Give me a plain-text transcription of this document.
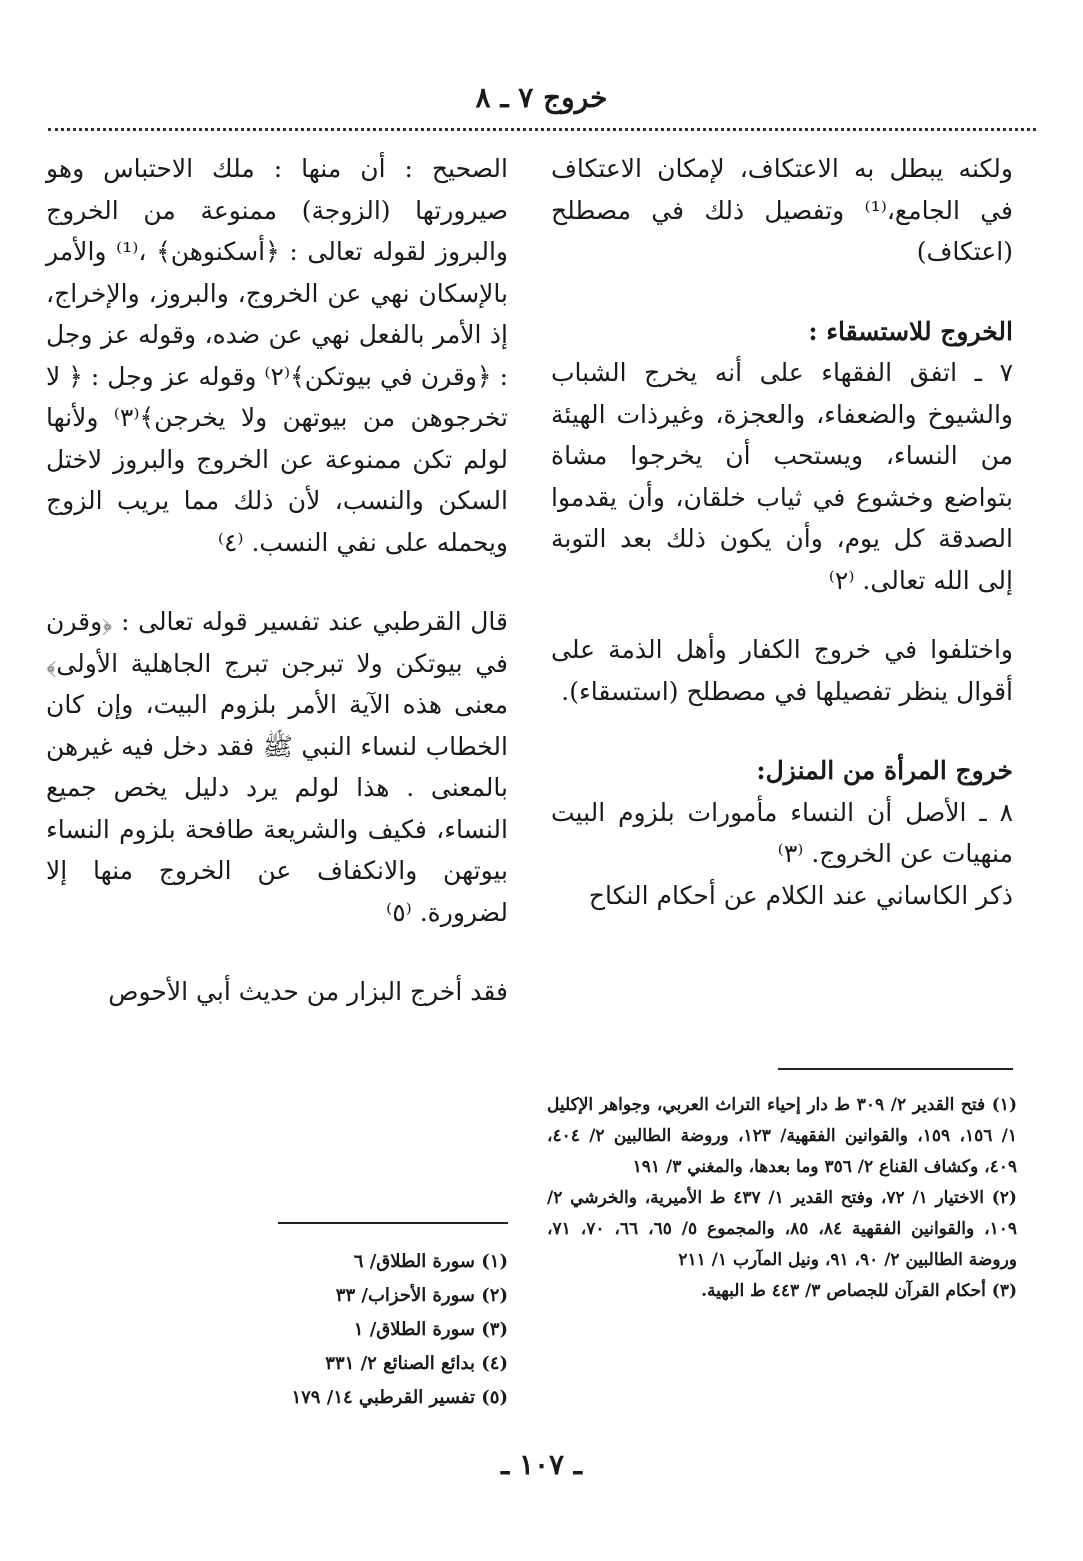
خروج ٧ ـ ٨

ولكنه يبطل به الاعتكاف، لإمكان الاعتكاف في الجامع،⁽¹⁾ وتفصيل ذلك في مصطلح (اعتكاف)

الخروج للاستسقاء :

٧ ـ اتفق الفقهاء على أنه يخرج الشباب والشيوخ والضعفاء، والعجزة، وغيرذات الهيئة من النساء، ويستحب أن يخرجوا مشاة بتواضع وخشوع في ثياب خلقان، وأن يقدموا الصدقة كل يوم، وأن يكون ذلك بعد التوبة إلى الله تعالى. ⁽٢⁾

واختلفوا في خروج الكفار وأهل الذمة على أقوال ينظر تفصيلها في مصطلح (استسقاء).

خروج المرأة من المنزل:

٨ ـ الأصل أن النساء مأمورات بلزوم البيت منهيات عن الخروج. ⁽٣⁾

ذكر الكاساني عند الكلام عن أحكام النكاح

الصحيح : أن منها : ملك الاحتباس وهو صيرورتها (الزوجة) ممنوعة من الخروج والبروز لقوله تعالى : ﴿أسكنوهن﴾ ،⁽¹⁾ والأمر بالإسكان نهي عن الخروج، والبروز، والإخراج، إذ الأمر بالفعل نهي عن ضده، وقوله عز وجل : ﴿وقرن في بيوتكن﴾⁽٢⁾ وقوله عز وجل : ﴿ لا تخرجوهن من بيوتهن ولا يخرجن﴾⁽٣⁾ ولأنها لولم تكن ممنوعة عن الخروج والبروز لاختل السكن والنسب، لأن ذلك مما يريب الزوج ويحمله على نفي النسب. ⁽٤⁾

قال القرطبي عند تفسير قوله تعالى : ﴿وقرن في بيوتكن ولا تبرجن تبرج الجاهلية الأولى﴾ معنى هذه الآية الأمر بلزوم البيت، وإن كان الخطاب لنساء النبي ﷺ فقد دخل فيه غيرهن بالمعنى . هذا لولم يرد دليل يخص جميع النساء، فكيف والشريعة طافحة بلزوم النساء بيوتهن والانكفاف عن الخروج منها إلا لضرورة. ⁽٥⁾

فقد أخرج البزار من حديث أبي الأحوص

(١) فتح القدير ٢/ ٣٠٩ ط دار إحياء التراث العربي، وجواهر الإكليل ١/ ١٥٦، ١٥٩، والقوانين الفقهية/ ١٢٣، وروضة الطالبين ٢/ ٤٠٤، ٤٠٩، وكشاف القناع ٢/ ٣٥٦ وما بعدها، والمغني ٣/ ١٩١

(٢) الاختيار ١/ ٧٢، وفتح القدير ١/ ٤٣٧ ط الأميرية، والخرشي ٢/ ١٠٩، والقوانين الفقهية ٨٤، ٨٥، والمجموع ٥/ ٦٥، ٦٦، ٧٠، ٧١، وروضة الطالبين ٢/ ٩٠، ٩١، ونيل المآرب ١/ ٢١١

(٣) أحكام القرآن للجصاص ٣/ ٤٤٣ ط البهية.

(١) سورة الطلاق/ ٦

(٢) سورة الأحزاب/ ٣٣

(٣) سورة الطلاق/ ١

(٤) بدائع الصنائع ٢/ ٣٣١

(٥) تفسير القرطبي ١٤/ ١٧٩

ـ ١٠٧ ـ
